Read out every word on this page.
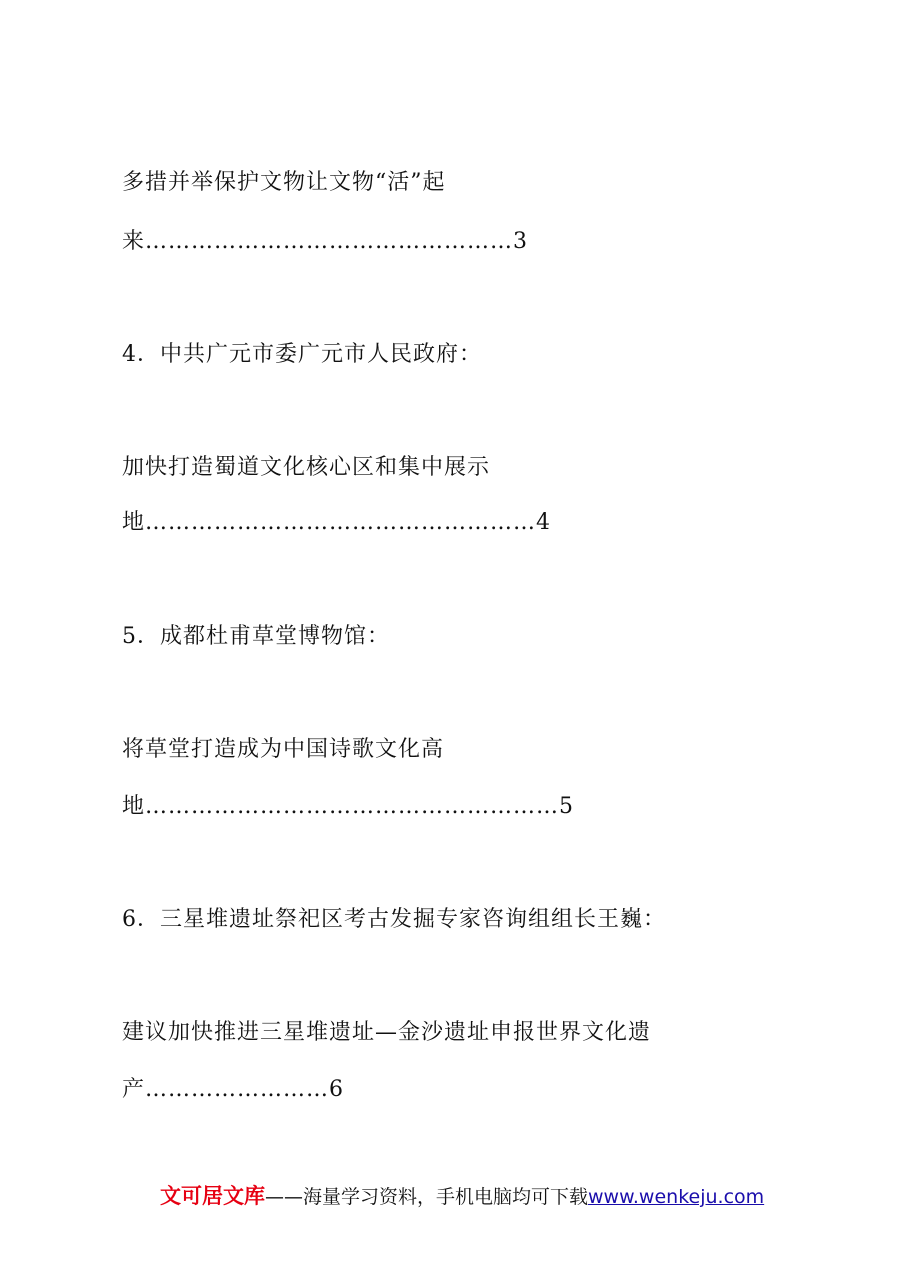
多措并举保护文物让文物“活”起
来…………………………………………3
4．中共广元市委广元市人民政府：
加快打造蜀道文化核心区和集中展示
地……………………………………………4
5．成都杜甫草堂博物馆：
将草堂打造成为中国诗歌文化高
地………………………………………………5
6．三星堆遗址祭祀区考古发掘专家咨询组组长王巍：
建议加快推进三星堆遗址—金沙遗址申报世界文化遗
产……………………6
文可居文库——海量学习资料，手机电脑均可下载www.wenkeju.com
